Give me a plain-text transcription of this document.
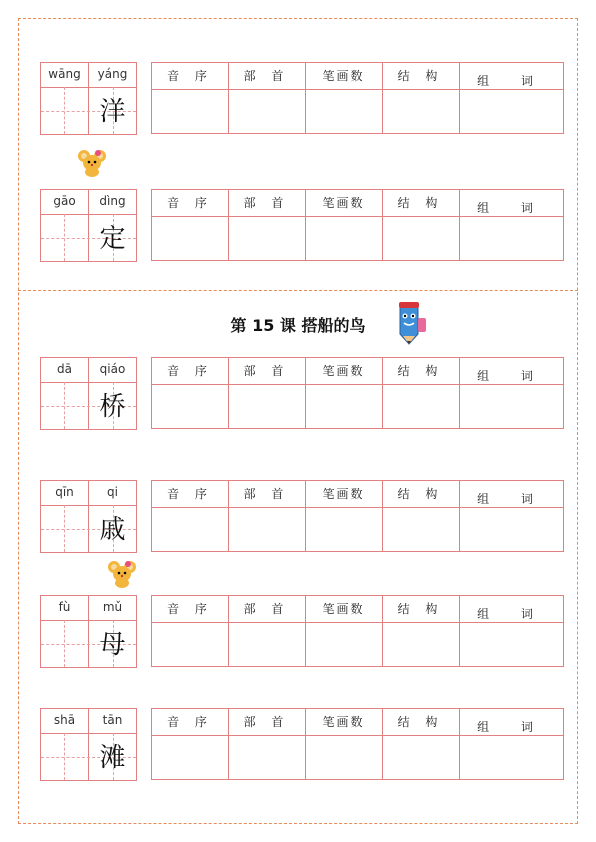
第 15 课 搭船的鸟
wāng	yáng
洋
音 序	部 首	笔画数	结 构	组 词
gāo	dìng
定
音 序	部 首	笔画数	结 构	组 词
dā	qiáo
桥
音 序	部 首	笔画数	结 构	组 词
qīn	qi
戚
音 序	部 首	笔画数	结 构	组 词
fù	mǔ
母
音 序	部 首	笔画数	结 构	组 词
shā	tān
滩
音 序	部 首	笔画数	结 构	组 词
